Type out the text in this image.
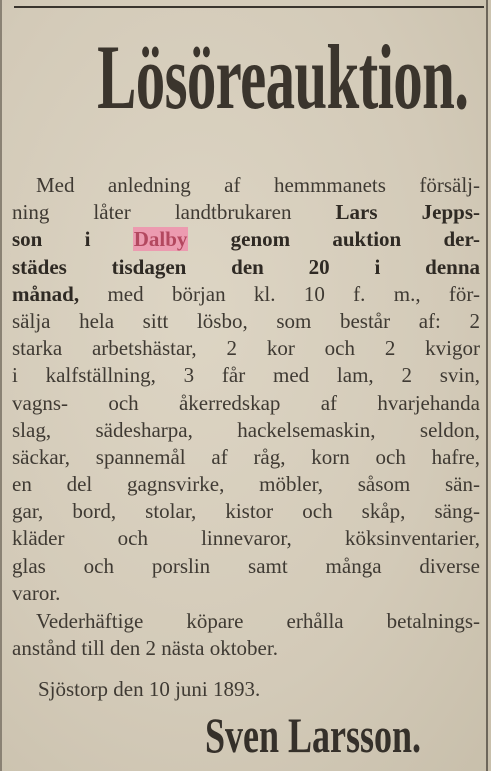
Lösöreauktion.
Med anledning af hemmmanets försälj-
ning låter landtbrukaren Lars Jepps-
son i Dalby genom auktion der-
städes tisdagen den 20 i denna
månad, med början kl. 10 f. m., för-
sälja hela sitt lösbo, som består af: 2
starka arbetshästar, 2 kor och 2 kvigor
i kalfställning, 3 får med lam, 2 svin,
vagns- och åkerredskap af hvarjehanda
slag, sädesharpa, hackelsemaskin, seldon,
säckar, spannemål af råg, korn och hafre,
en del gagnsvirke, möbler, såsom sän-
gar, bord, stolar, kistor och skåp, säng-
kläder och linnevaror, köksinventarier,
glas och porslin samt många diverse
varor.
Vederhäftige köpare erhålla betalnings-
anstånd till den 2 nästa oktober.
Sjöstorp den 10 juni 1893.
Sven Larsson.
